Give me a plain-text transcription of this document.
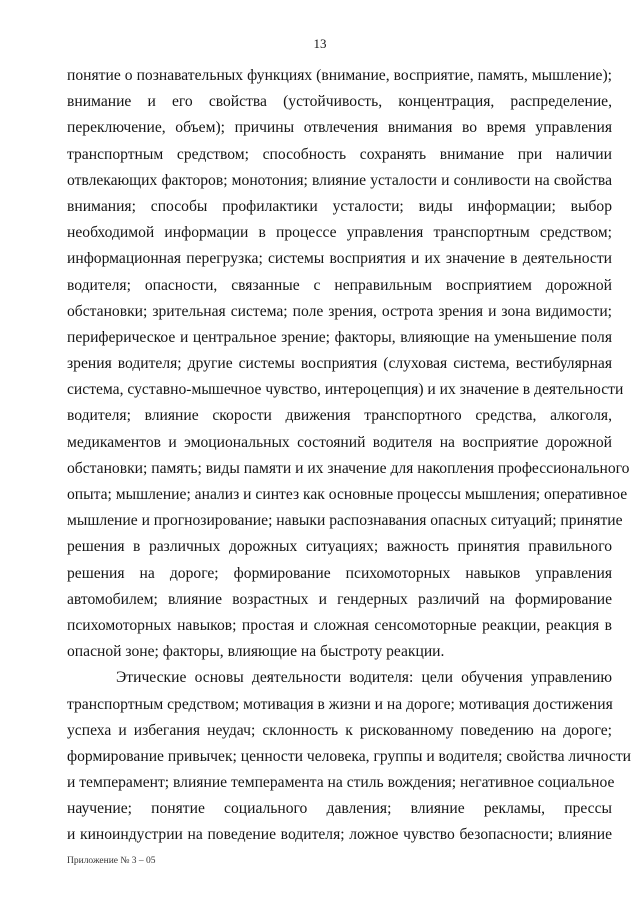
13
понятие о познавательных функциях (внимание, восприятие, память, мышление);
внимание и его свойства (устойчивость, концентрация, распределение,
переключение, объем); причины отвлечения внимания во время управления
транспортным средством; способность сохранять внимание при наличии
отвлекающих факторов; монотония; влияние усталости и сонливости на свойства
внимания; способы профилактики усталости; виды информации; выбор
необходимой информации в процессе управления транспортным средством;
информационная перегрузка; системы восприятия и их значение в деятельности
водителя; опасности, связанные с неправильным восприятием дорожной
обстановки; зрительная система; поле зрения, острота зрения и зона видимости;
периферическое и центральное зрение; факторы, влияющие на уменьшение поля
зрения водителя; другие системы восприятия (слуховая система, вестибулярная
система, суставно-мышечное чувство, интероцепция) и их значение в деятельности
водителя; влияние скорости движения транспортного средства, алкоголя,
медикаментов и эмоциональных состояний водителя на восприятие дорожной
обстановки; память; виды памяти и их значение для накопления профессионального
опыта; мышление; анализ и синтез как основные процессы мышления; оперативное
мышление и прогнозирование; навыки распознавания опасных ситуаций; принятие
решения в различных дорожных ситуациях; важность принятия правильного
решения на дороге; формирование психомоторных навыков управления
автомобилем; влияние возрастных и гендерных различий на формирование
психомоторных навыков; простая и сложная сенсомоторные реакции, реакция в
опасной зоне; факторы, влияющие на быстроту реакции.
Этические основы деятельности водителя: цели обучения управлению
транспортным средством; мотивация в жизни и на дороге; мотивация достижения
успеха и избегания неудач; склонность к рискованному поведению на дороге;
формирование привычек; ценности человека, группы и водителя; свойства личности
и темперамент; влияние темперамента на стиль вождения; негативное социальное
научение; понятие социального давления; влияние рекламы, прессы
и киноиндустрии на поведение водителя; ложное чувство безопасности; влияние
Приложение № 3 – 05
